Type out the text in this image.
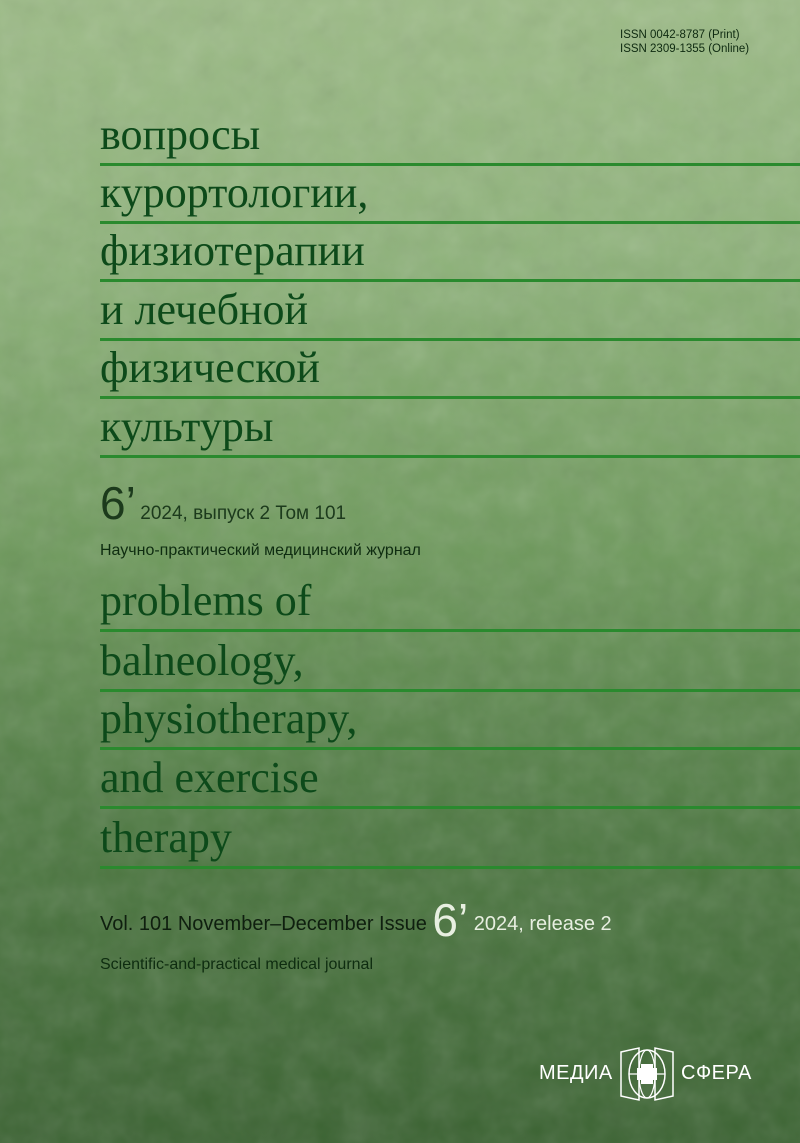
ISSN 0042-8787 (Print)
ISSN 2309-1355 (Online)
вопросы
курортологии,
физиотерапии
и лечебной
физической
культуры
6’ 2024, выпуск 2 Том 101
Научно-практический медицинский журнал
problems of
balneology,
physiotherapy,
and exercise
therapy
Vol. 101 November–December Issue 6’ 2024, release 2
Scientific-and-practical medical journal
МЕДИА	СФЕРА
